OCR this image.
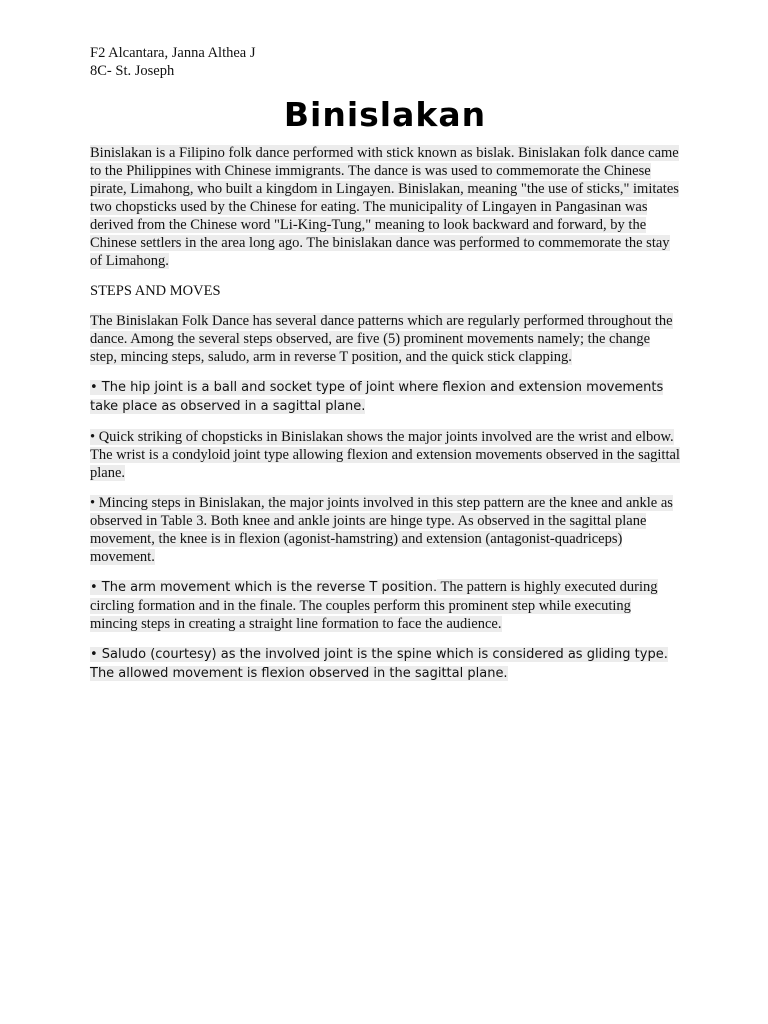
F2 Alcantara, Janna Althea J

8C- St. Joseph

Binislakan

Binislakan is a Filipino folk dance performed with stick known as bislak. Binislakan folk dance came to the Philippines with Chinese immigrants. The dance is was used to commemorate the Chinese pirate, Limahong, who built a kingdom in Lingayen. Binislakan, meaning "the use of sticks," imitates two chopsticks used by the Chinese for eating. The municipality of Lingayen in Pangasinan was derived from the Chinese word "Li-King-Tung," meaning to look backward and forward, by the Chinese settlers in the area long ago. The binislakan dance was performed to commemorate the stay of Limahong.

STEPS AND MOVES

The Binislakan Folk Dance has several dance patterns which are regularly performed throughout the dance. Among the several steps observed, are five (5) prominent movements namely; the change step, mincing steps, saludo, arm in reverse T position, and the quick stick clapping.

• The hip joint is a ball and socket type of joint where flexion and extension movements take place as observed in a sagittal plane.

• Quick striking of chopsticks in Binislakan shows the major joints involved are the wrist and elbow. The wrist is a condyloid joint type allowing flexion and extension movements observed in the sagittal plane.

• Mincing steps in Binislakan, the major joints involved in this step pattern are the knee and ankle as observed in Table 3. Both knee and ankle joints are hinge type. As observed in the sagittal plane movement, the knee is in flexion (agonist-hamstring) and extension (antagonist-quadriceps) movement.

• The arm movement which is the reverse T position. The pattern is highly executed during circling formation and in the finale. The couples perform this prominent step while executing mincing steps in creating a straight line formation to face the audience.

• Saludo (courtesy) as the involved joint is the spine which is considered as gliding type. The allowed movement is flexion observed in the sagittal plane.
